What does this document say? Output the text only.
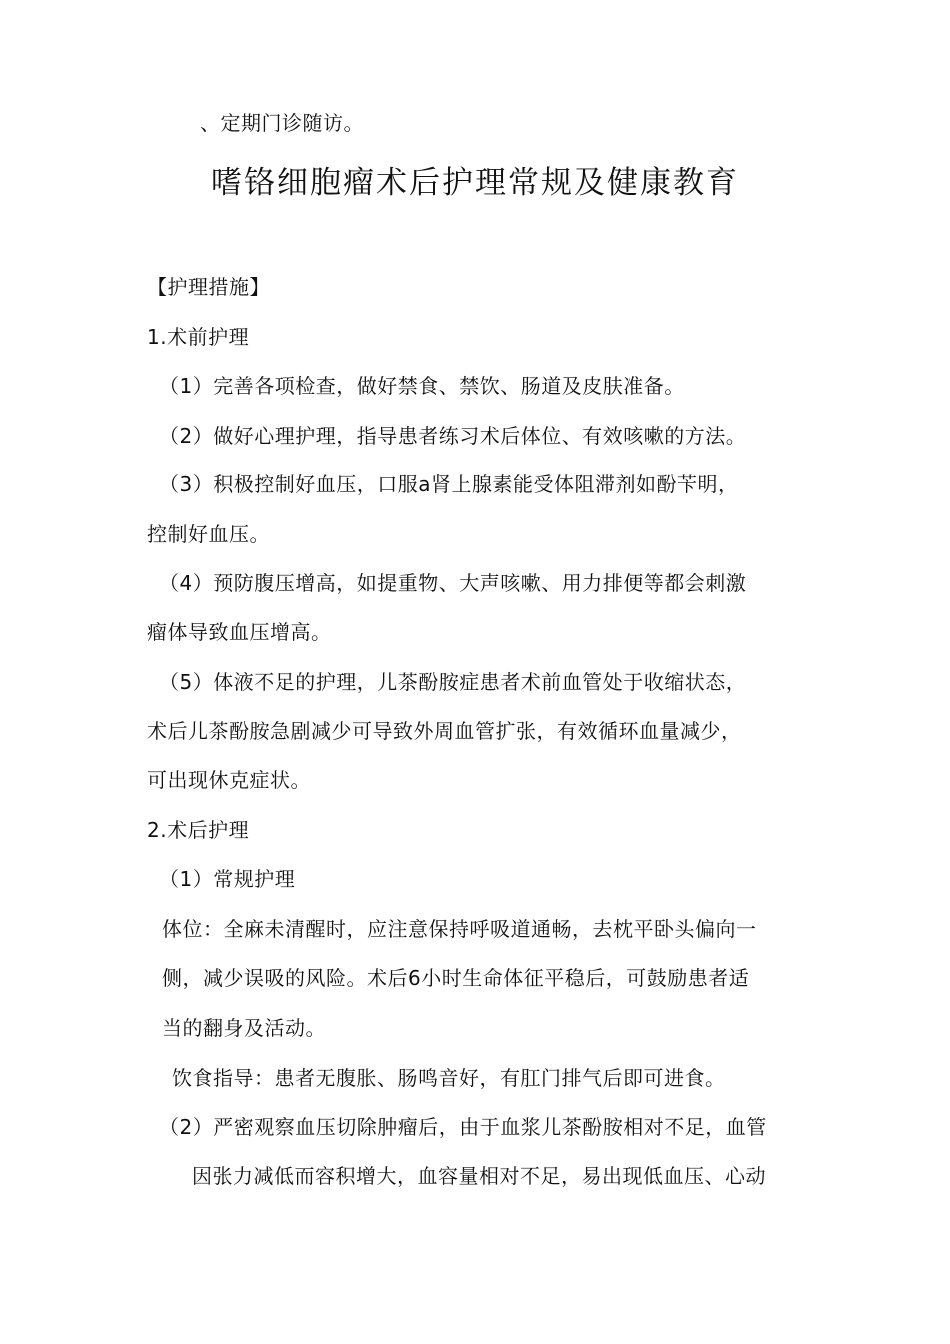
、定期门诊随访。
嗜铬细胞瘤术后护理常规及健康教育
【护理措施】
1.术前护理
（1）完善各项检查，做好禁食、禁饮、肠道及皮肤准备。
（2）做好心理护理，指导患者练习术后体位、有效咳嗽的方法。
（3）积极控制好血压，口服a肾上腺素能受体阻滞剂如酚苄明，
控制好血压。
（4）预防腹压增高，如提重物、大声咳嗽、用力排便等都会刺激
瘤体导致血压增高。
（5）体液不足的护理，儿茶酚胺症患者术前血管处于收缩状态，
术后儿茶酚胺急剧减少可导致外周血管扩张，有效循环血量减少，
可出现休克症状。
2.术后护理
（1）常规护理
体位：全麻未清醒时，应注意保持呼吸道通畅，去枕平卧头偏向一
侧，减少误吸的风险。术后6小时生命体征平稳后，可鼓励患者适
当的翻身及活动。
饮食指导：患者无腹胀、肠鸣音好，有肛门排气后即可进食。
（2）严密观察血压切除肿瘤后，由于血浆儿茶酚胺相对不足，血管
因张力减低而容积增大，血容量相对不足，易出现低血压、心动
